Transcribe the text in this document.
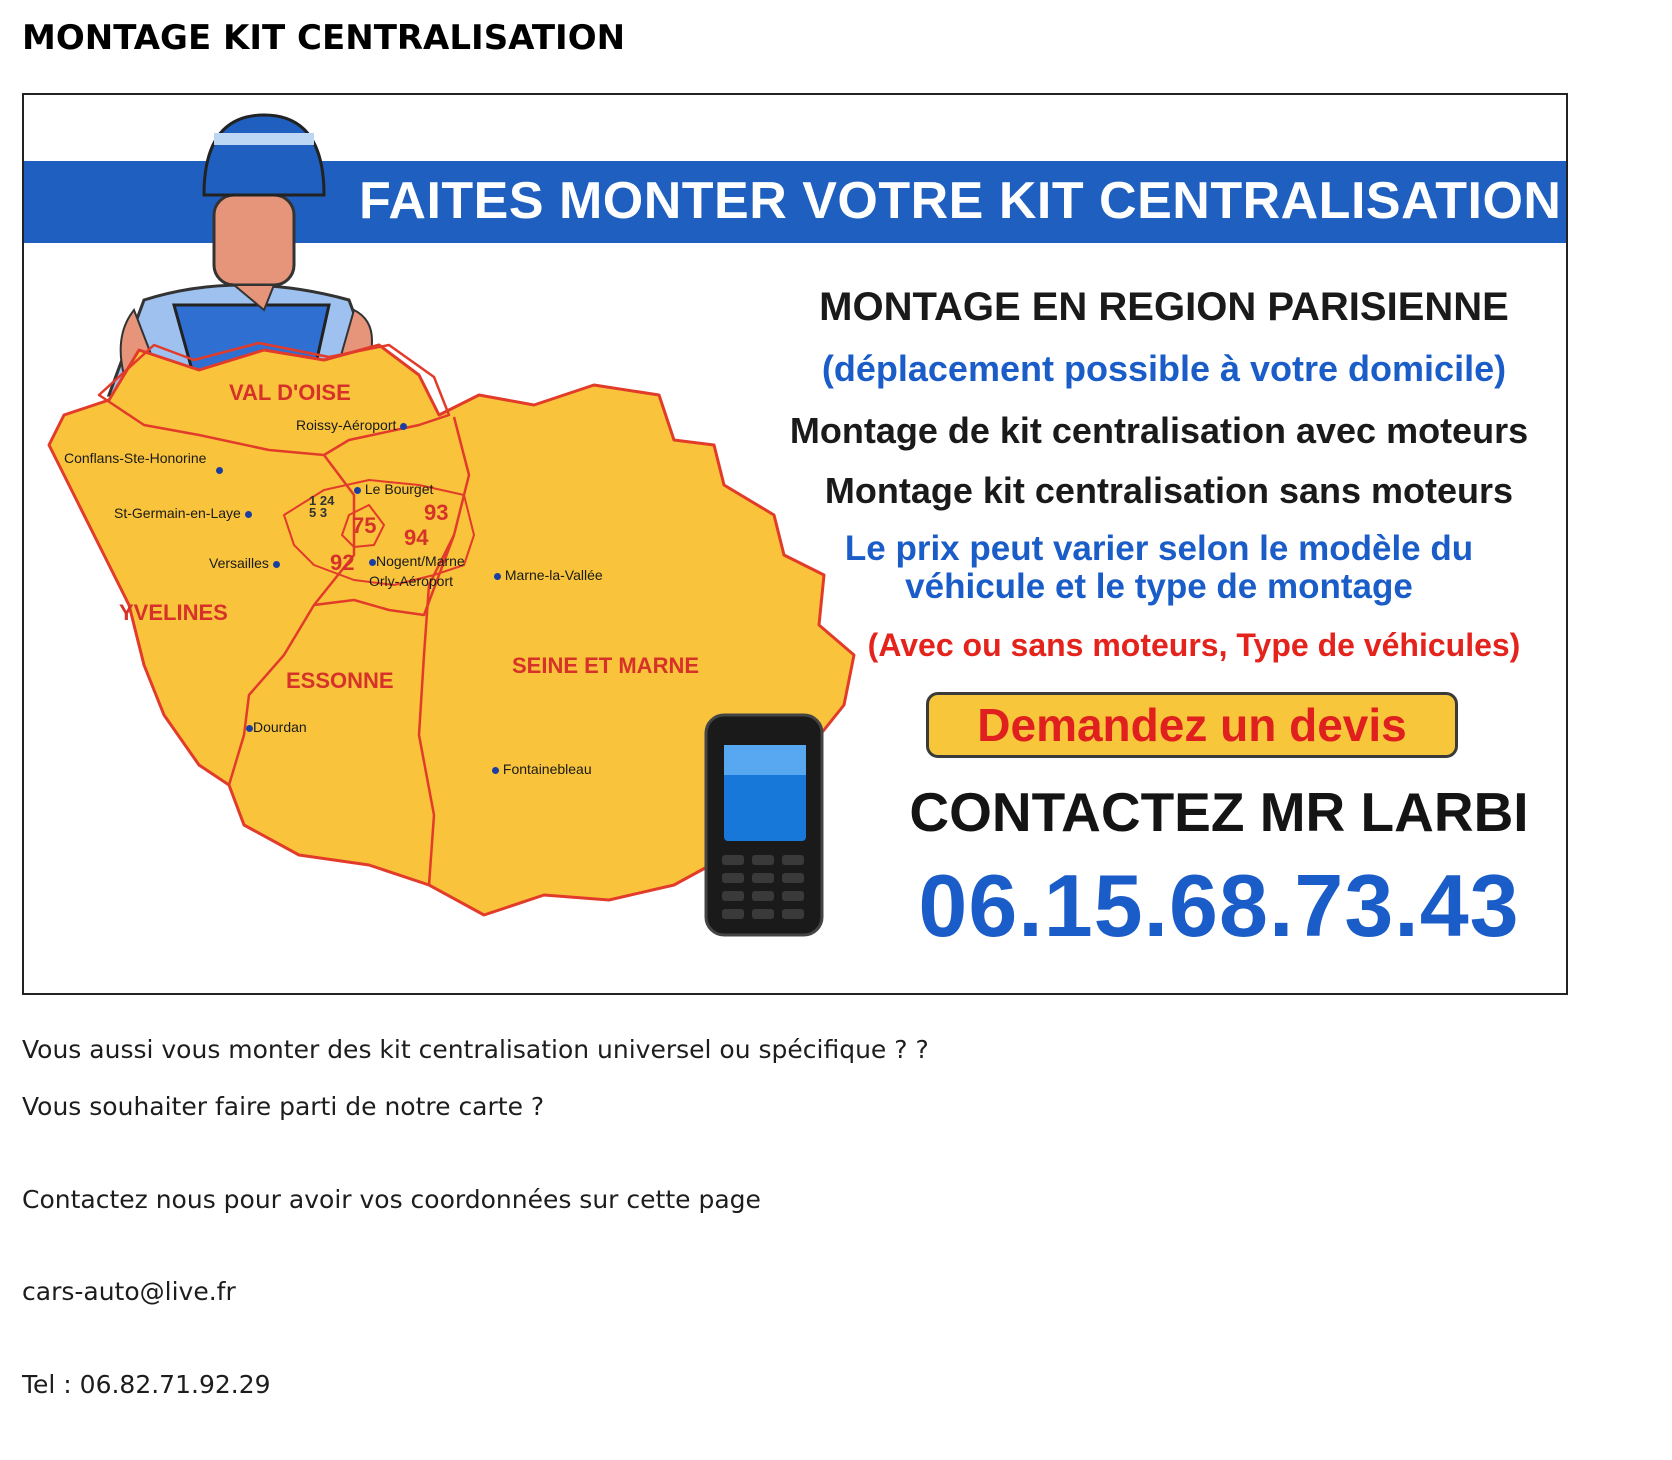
MONTAGE KIT CENTRALISATION
FAITES MONTER VOTRE KIT CENTRALISATION
VAL D'OISE
YVELINES
ESSONNE
SEINE ET MARNE
Roissy-Aéroport
Conflans-Ste-Honorine
St-Germain-en-Laye
Versailles
Le Bourget
Nogent/Marne
Orly-Aéroport	Marne-la-Vallée
Dourdan
Fontainebleau
75
93
94
92
1 24 5 3
MONTAGE EN REGION PARISIENNE
(déplacement possible à votre domicile)
Montage de kit centralisation avec moteurs
Montage kit centralisation sans moteurs
Le prix peut varier selon le modèle du véhicule et le type de montage
(Avec ou sans moteurs, Type de véhicules)
Demandez un devis
CONTACTEZ MR LARBI
06.15.68.73.43

Vous aussi vous monter des kit centralisation universel ou spécifique ? ?

Vous souhaiter faire parti de notre carte ?

Contactez nous pour avoir vos coordonnées sur cette page

cars-auto@live.fr

Tel : 06.82.71.92.29
